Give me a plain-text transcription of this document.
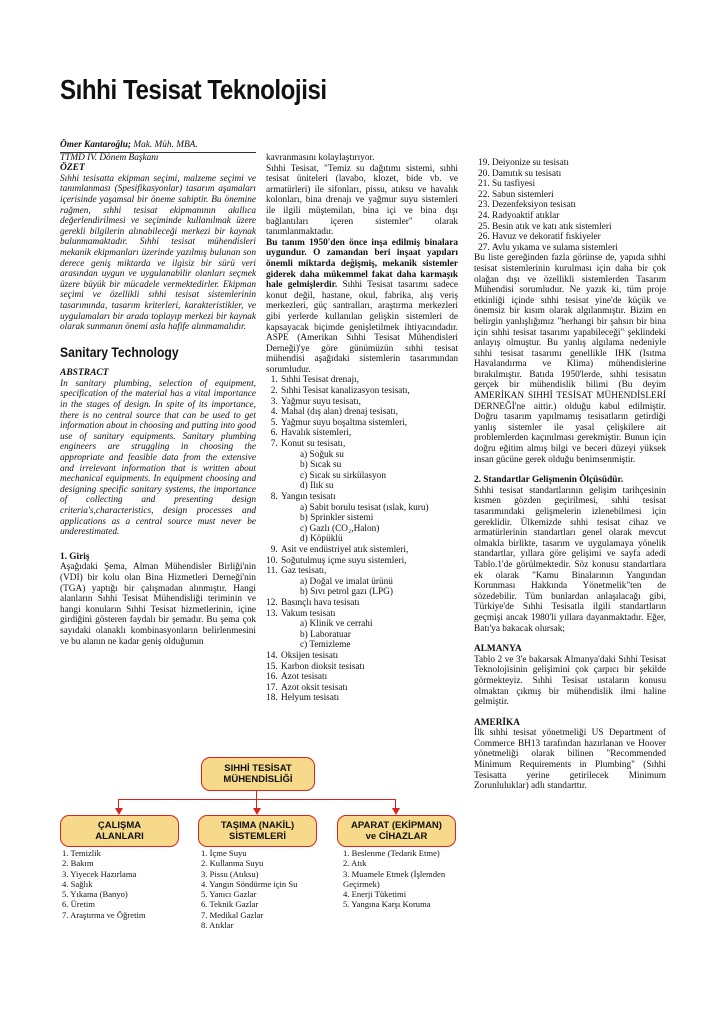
Sıhhi Tesisat Teknolojisi
Ömer Kantaroğlu; Mak. Müh. MBA.
TTMD IV. Dönem Başkanı
ÖZET
Sıhhi tesisatta ekipman seçimi, malzeme seçimi ve tanımlanması (Spesifikasyonlar) tasarım aşamaları içerisinde yaşamsal bir öneme sahiptir. Bu önemine rağmen, sıhhi tesisat ekipmanının akıllıca değerlendirilmesi ve seçiminde kullanılmak üzere gerekli bilgilerin alınabileceği merkezi bir kaynak bulunmamaktadır. Sıhhi tesisat mühendisleri mekanik ekipmanları üzerinde yazılmış bulunan son derece geniş miktarda ve ilgisiz bir sürü veri arasından uygun ve uygulanabilir olanları seçmek üzere büyük bir mücadele vermektedirler. Ekipman seçimi ve özellikli sıhhi tesisat sistemlerinin tasarımında, tasarım kriterleri, karakteristikler, ve uygulamaları bir arada toplayıp merkezi bir kaynak olarak sunmanın önemi asla hafife alınmamalıdır.
Sanitary Technology
ABSTRACT
In sanitary plumbing, selection of equipment, specification of the material has a vital importance in the stages of design. In spite of its importance, there is no central source that can be used to get information about in choosing and putting into good use of sanitary equipments. Sanitary plumbing engineers are struggling in choosing the appropriate and feasible data from the extensive and irrelevant information that is written about mechanical equipments. In equipment choosing and designing specific sanitary systems, the importance of collecting and presenting design criteria's,characteristics, design processes and applications as a central source must never be underestimated.
1. Giriş
Aşağıdaki Şema, Alman Mühendisler Birliği'nin (VDI) bir kolu olan Bina Hizmetleri Derneği'nin (TGA) yaptığı bir çalışmadan alınmıştır. Hangi alanların Sıhhi Tesisat Mühendisliği teriminin ve hangi konuların Sıhhi Tesisat hizmetlerinin, içine girdiğini gösteren faydalı bir şemadır. Bu şema çok sayıdaki olanaklı kombinasyonların belirlenmesini ve bu alanın ne kadar geniş olduğunun
kavranmasını kolaylaştırıyor.
Sıhhi Tesisat, "Temiz su dağıtımı sistemi, sıhhi tesisat üniteleri (lavabo, klozet, bide vb. ve armatürleri) ile sifonları, pissu, atıksu ve havalık kolonları, bina drenajı ve yağmur suyu sistemleri ile ilgili müştemilatı, bina içi ve bina dışı bağlantıları içeren sistemler" olarak tanımlanmaktadır.
Bu tanım 1950'den önce inşa edilmiş binalara uygundur. O zamandan beri inşaat yapıları önemli miktarda değişmiş, mekanik sistemler giderek daha mükemmel fakat daha karmaşık hale gelmişlerdir. Sıhhi Tesisat tasarımı sadece konut değil, hastane, okul, fabrika, alış veriş merkezleri, güç santralları, araştırma merkezleri gibi yerlerde kullanılan gelişkin sistemleri de kapsayacak biçimde genişletilmek ihtiyacındadır. ASPE (Amerikan Sıhhi Tesisat Mühendisleri Derneği)'ye göre günümüzün sıhhi tesisat mühendisi aşağıdaki sistemlerin tasarımından sorumludur.
1. Sıhhi Tesisat drenajı,
2. Sıhhi Tesisat kanalizasyon tesisatı,
3. Yağmur suyu tesisatı,
4. Mahal (dış alan) drenaj tesisatı,
5. Yağmur suyu boşaltma sistemleri,
6. Havalık sistemleri,
7. Konut su tesisatı,
a) Soğuk su
b) Sıcak su
c) Sıcak su sirkülasyon
d) Ilık su
8. Yangın tesisatı
a) Sabit borulu tesisat (ıslak, kuru)
b) Sprinkler sistemi
c) Gazlı (CO₂,Halon)
d) Köpüklü
9. Asit ve endüstriyel atık sistemleri,
10. Soğutulmuş içme suyu sistemleri,
11. Gaz tesisatı,
a) Doğal ve imalat ürünü
b) Sıvı petrol gazı (LPG)
12. Basınçlı hava tesisatı
13. Vakum tesisatı
a) Klinik ve cerrahi
b) Laboratuar
c) Temizleme
14. Oksijen tesisatı
15. Karbon dioksit tesisatı
16. Azot tesisatı
17. Azot oksit tesisatı
18. Helyum tesisatı
19. Deiyonize su tesisatı
20. Damıtık su tesisatı
21. Su tasfiyesi
22. Sabun sistemleri
23. Dezenfeksiyon tesisatı
24. Radyoaktif atıklar
25. Besin atık ve katı atık sistemleri
26. Havuz ve dekoratif fıskiyeler
27. Avlu yıkama ve sulama sistemleri
Bu liste gereğinden fazla görünse de, yapıda sıhhi tesisat sistemlerinin kurulması için daha bir çok olağan dışı ve özellikli sistemlerden Tasarım Mühendisi sorumludur. Ne yazık ki, tüm proje etkinliği içinde sıhhi tesisat yine'de küçük ve önemsiz bir kısım olarak algılanmıştır. Bizim en belirgin yanlışlığımız "herhangi bir şahsın bir bina için sıhhi tesisat tasarımı yapabileceği" şeklindeki anlayış olmuştur. Bu yanlış algılama nedeniyle sıhhi tesisat tasarımı genellikle IHK (Isıtma Havalandırma ve Klima) mühendislerine bırakılmıştır. Batıda 1950'lerde, sıhhi tesisatın gerçek bir mühendislik bilimi (Bu deyim AMERİKAN SIHHİ TESİSAT MÜHENDİSLERİ DERNEĞİ'ne aittir.) olduğu kabul edilmiştir. Doğru tasarım yapılmamış tesisatların getirdiği yanlış sistemler ile yasal çelişkilere ait problemlerden kaçınılması gerekmiştir. Bunun için doğru eğitim almış bilgi ve beceri düzeyi yüksek insan gücüne gerek olduğu benimsenmiştir.
2. Standartlar Gelişmenin Ölçüsüdür.
Sıhhi tesisat standartlarının gelişim tarihçesinin kısmen gözden geçirilmesi, sıhhi tesisat tasarımındaki gelişmelerin izlenebilmesi için gereklidir. Ülkemizde sıhhi tesisat cihaz ve armatürlerinin standartları genel olarak mevcut olmakla birlikte, tasarım ve uygulamaya yönelik standartlar, yıllara göre gelişimi ve sayfa adedi Tablo.1'de görülmektedir. Söz konusu standartlara ek olarak "Kamu Binalarının Yangından Korunması Hakkında Yönetmelik"ten de sözedebilir. Tüm bunlardan anlaşılacağı gibi, Türkiye'de Sıhhi Tesisatla ilgili standartların geçmişi ancak 1980'li yıllara dayanmaktadır. Eğer, Batı'ya bakacak olursak;
ALMANYA
Tablo 2 ve 3'e bakarsak Almanya'daki Sıhhi Tesisat Teknolojisinin gelişimini çok çarpıcı bir şekilde görmekteyiz. Sıhhi Tesisat ustaların konusu olmaktan çıkmış bir mühendislik ilmi haline gelmiştir.
AMERİKA
İlk sıhhi tesisat yönetmeliği US Department of Commerce BH13 tarafından hazırlanan ve Hoover yönetmeliği olarak bilinen "Recommended Minimum Requirements in Plumbing" (Sıhhi Tesisatta yerine getirilecek Minimum Zorunluluklar) adlı standarttır.
SIHHİ TESİSAT
MÜHENDİSLİĞİ
ÇALIŞMA
ALANLARI
TAŞIMA (NAKİL)
SİSTEMLERİ
APARAT (EKİPMAN)
ve CİHAZLAR
1. Temizlik
2. Bakım
3. Yiyecek Hazırlama
4. Sağlık
5. Yıkama (Banyo)
6. Üretim
7. Araştırma ve Öğretim
1. İçme Suyu
2. Kullanma Suyu
3. Pissu (Atıksu)
4. Yangın Söndürme için Su
5. Yanıcı Gazlar
6. Teknik Gazlar
7. Medikal Gazlar
8. Atıklar
1. Beslenme (Tedarik Etme)
2. Atık
3. Muamele Etmek (İşlemden Geçirmek)
4. Enerji Tüketimi
5. Yangına Karşı Koruma
